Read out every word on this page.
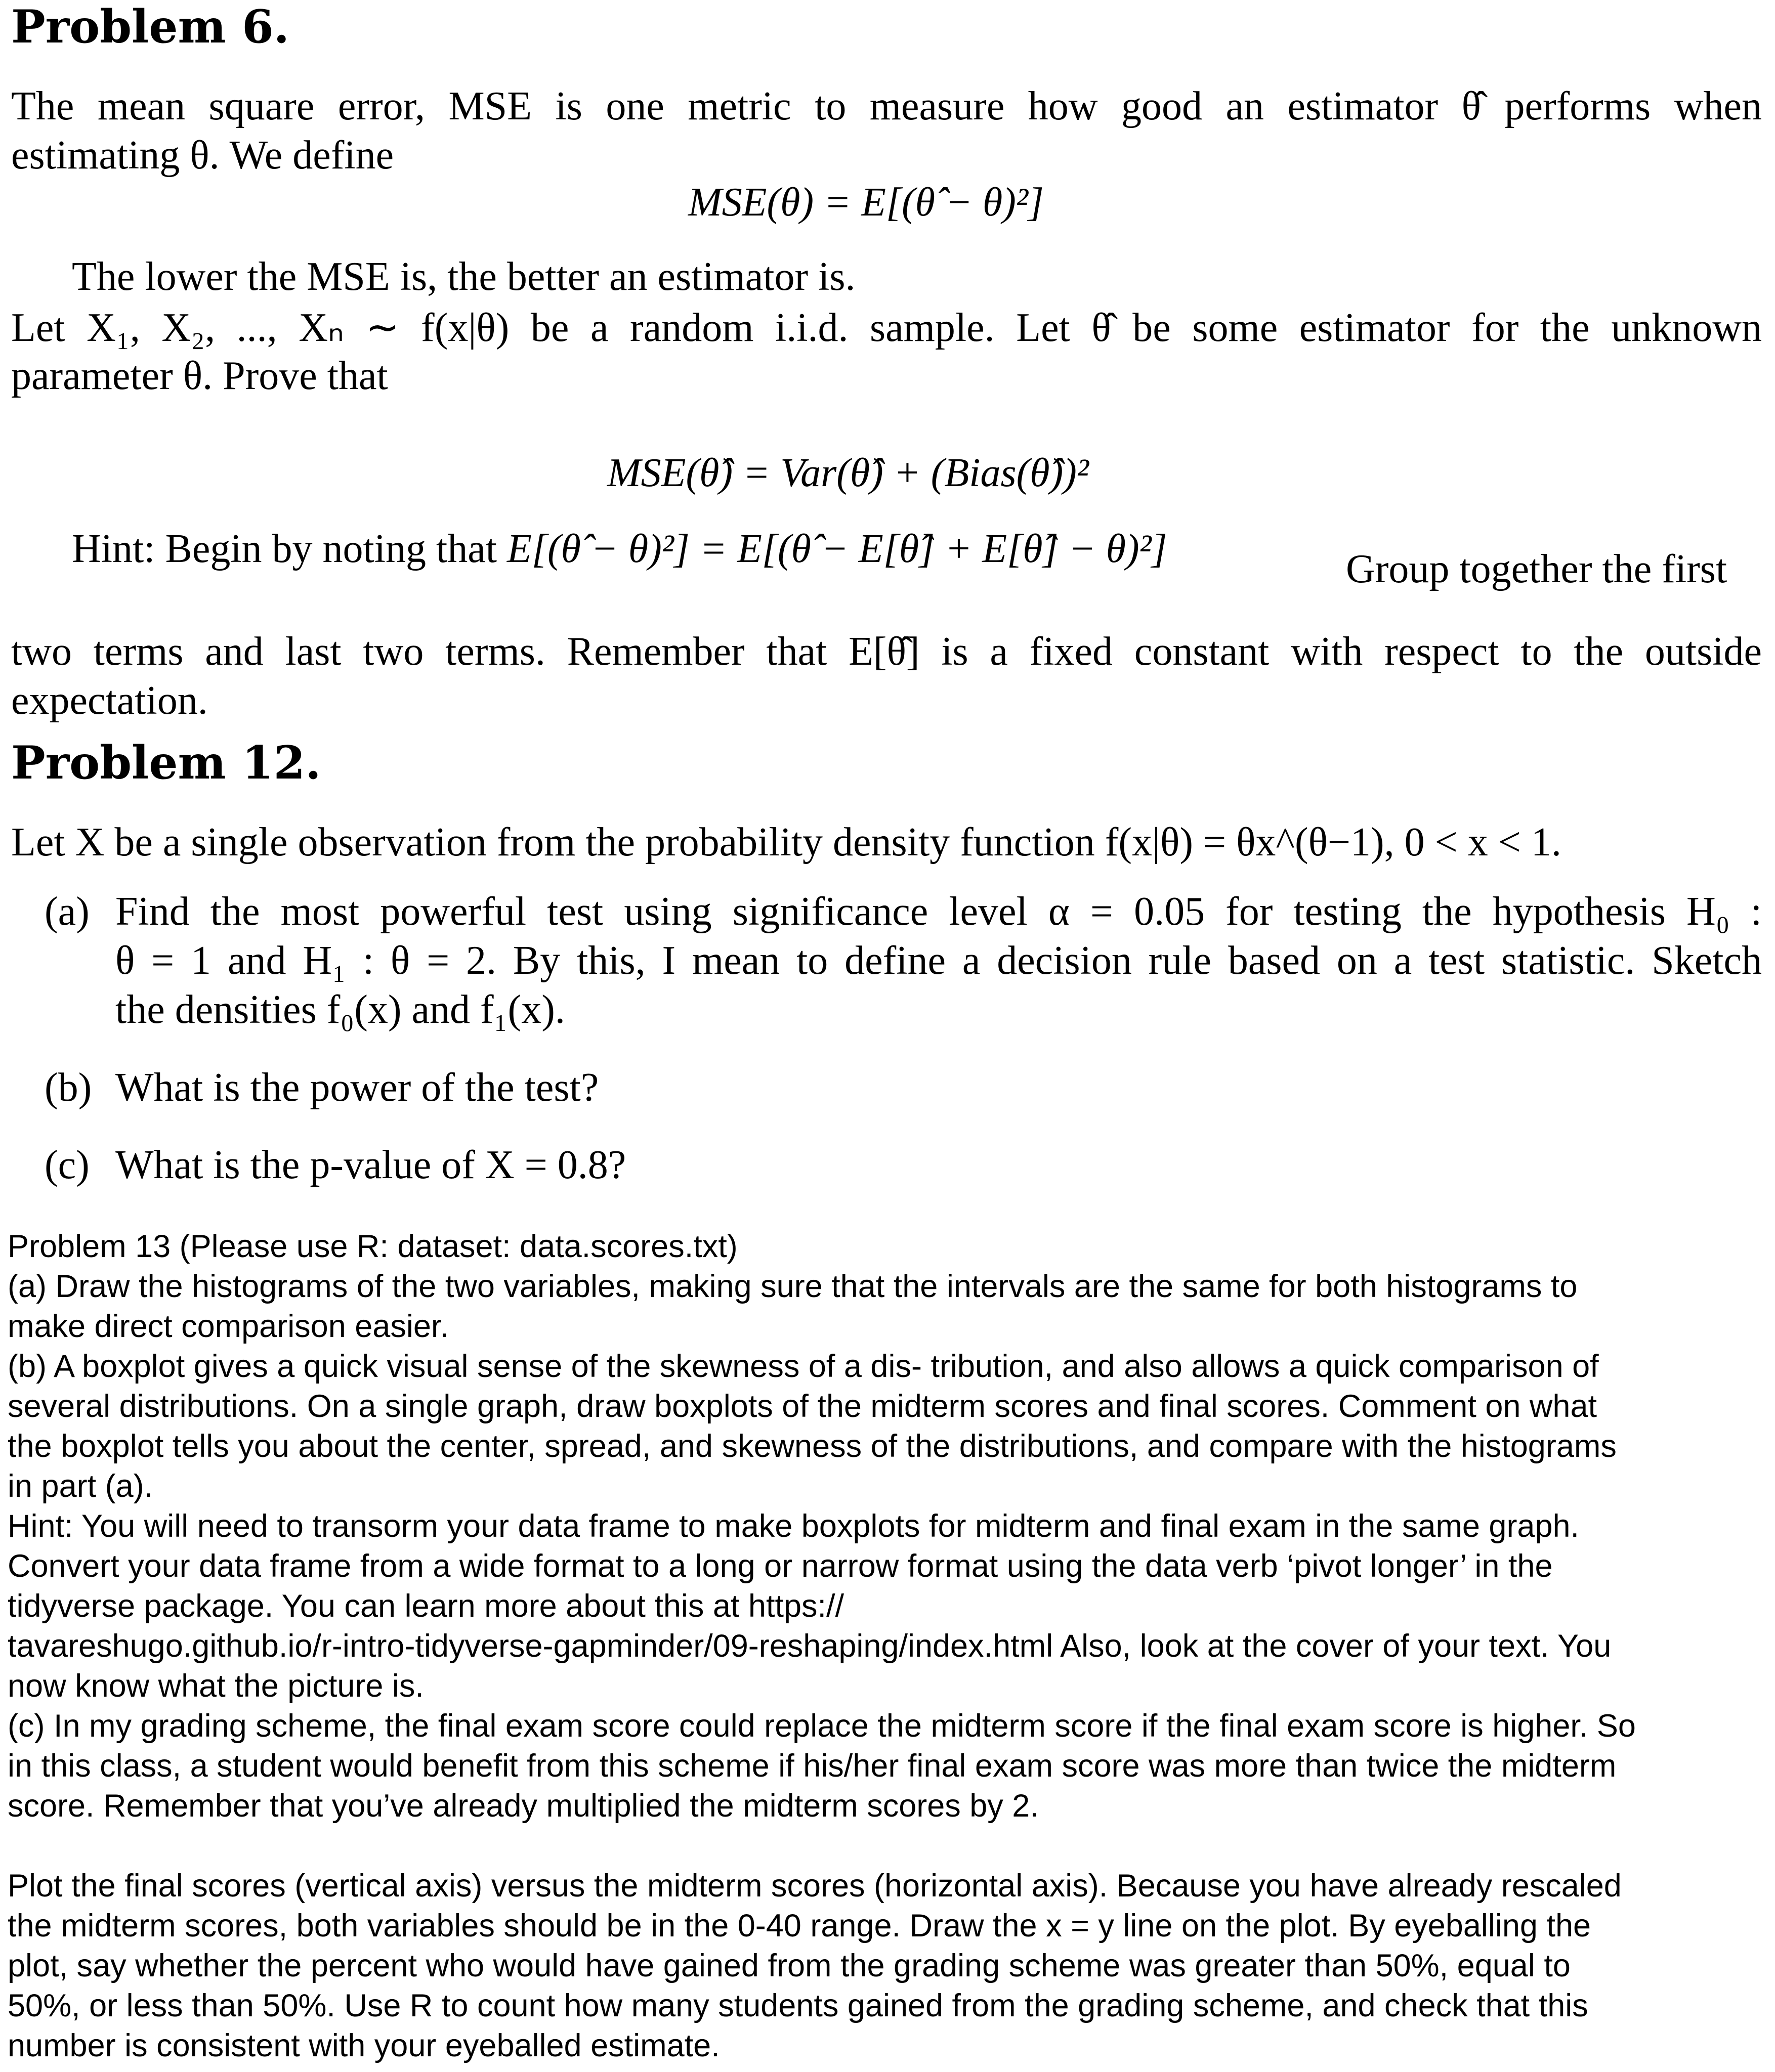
Problem 6.
The mean square error, MSE is one metric to measure how good an estimator θ̂ performs when
estimating θ. We define
MSE(θ) = E[(θ̂ − θ)²]
The lower the MSE is, the better an estimator is.
Let X₁, X₂, ..., Xₙ ∼ f(x|θ) be a random i.i.d. sample. Let θ̂ be some estimator for the unknown
parameter θ. Prove that
MSE(θ̂) = Var(θ̂) + (Bias(θ̂))²
Hint: Begin by noting that E[(θ̂ − θ)²] = E[(θ̂ − E[θ̂] + E[θ̂] − θ)²]	Group together the first
two terms and last two terms. Remember that E[θ̂] is a fixed constant with respect to the outside
expectation.
Problem 12.
Let X be a single observation from the probability density function f(x|θ) = θx^(θ−1), 0 < x < 1.
(a) Find the most powerful test using significance level α = 0.05 for testing the hypothesis H₀ :
θ = 1 and H₁ : θ = 2. By this, I mean to define a decision rule based on a test statistic. Sketch
the densities f₀(x) and f₁(x).
(b) What is the power of the test?
(c) What is the p-value of X = 0.8?
Problem 13 (Please use R: dataset: data.scores.txt)
(a) Draw the histograms of the two variables, making sure that the intervals are the same for both histograms to
make direct comparison easier.
(b) A boxplot gives a quick visual sense of the skewness of a dis- tribution, and also allows a quick comparison of
several distributions. On a single graph, draw boxplots of the midterm scores and final scores. Comment on what
the boxplot tells you about the center, spread, and skewness of the distributions, and compare with the histograms
in part (a).
Hint: You will need to transorm your data frame to make boxplots for midterm and final exam in the same graph.
Convert your data frame from a wide format to a long or narrow format using the data verb ‘pivot longer’ in the
tidyverse package. You can learn more about this at https://
tavareshugo.github.io/r-intro-tidyverse-gapminder/09-reshaping/index.html Also, look at the cover of your text. You
now know what the picture is.
(c) In my grading scheme, the final exam score could replace the midterm score if the final exam score is higher. So
in this class, a student would benefit from this scheme if his/her final exam score was more than twice the midterm
score. Remember that you’ve already multiplied the midterm scores by 2.
Plot the final scores (vertical axis) versus the midterm scores (horizontal axis). Because you have already rescaled
the midterm scores, both variables should be in the 0-40 range. Draw the x = y line on the plot. By eyeballing the
plot, say whether the percent who would have gained from the grading scheme was greater than 50%, equal to
50%, or less than 50%. Use R to count how many students gained from the grading scheme, and check that this
number is consistent with your eyeballed estimate.
